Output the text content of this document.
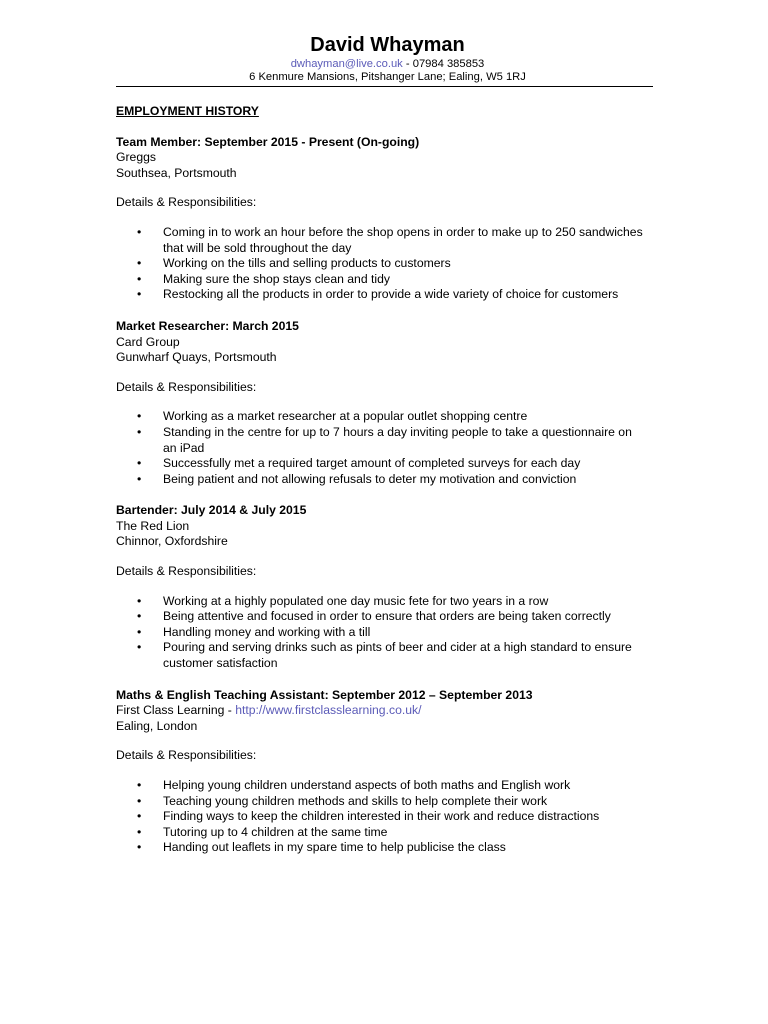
David Whayman
dwhayman@live.co.uk - 07984 385853
6 Kenmure Mansions, Pitshanger Lane; Ealing, W5 1RJ
EMPLOYMENT HISTORY
Team Member: September 2015 - Present (On-going)
Greggs
Southsea, Portsmouth
Details & Responsibilities:
• Coming in to work an hour before the shop opens in order to make up to 250 sandwiches that will be sold throughout the day
• Working on the tills and selling products to customers
• Making sure the shop stays clean and tidy
• Restocking all the products in order to provide a wide variety of choice for customers
Market Researcher: March 2015
Card Group
Gunwharf Quays, Portsmouth
Details & Responsibilities:
• Working as a market researcher at a popular outlet shopping centre
• Standing in the centre for up to 7 hours a day inviting people to take a questionnaire on an iPad
• Successfully met a required target amount of completed surveys for each day
• Being patient and not allowing refusals to deter my motivation and conviction
Bartender: July 2014 & July 2015
The Red Lion
Chinnor, Oxfordshire
Details & Responsibilities:
• Working at a highly populated one day music fete for two years in a row
• Being attentive and focused in order to ensure that orders are being taken correctly
• Handling money and working with a till
• Pouring and serving drinks such as pints of beer and cider at a high standard to ensure customer satisfaction
Maths & English Teaching Assistant: September 2012 – September 2013
First Class Learning - http://www.firstclasslearning.co.uk/
Ealing, London
Details & Responsibilities:
• Helping young children understand aspects of both maths and English work
• Teaching young children methods and skills to help complete their work
• Finding ways to keep the children interested in their work and reduce distractions
• Tutoring up to 4 children at the same time
• Handing out leaflets in my spare time to help publicise the class
